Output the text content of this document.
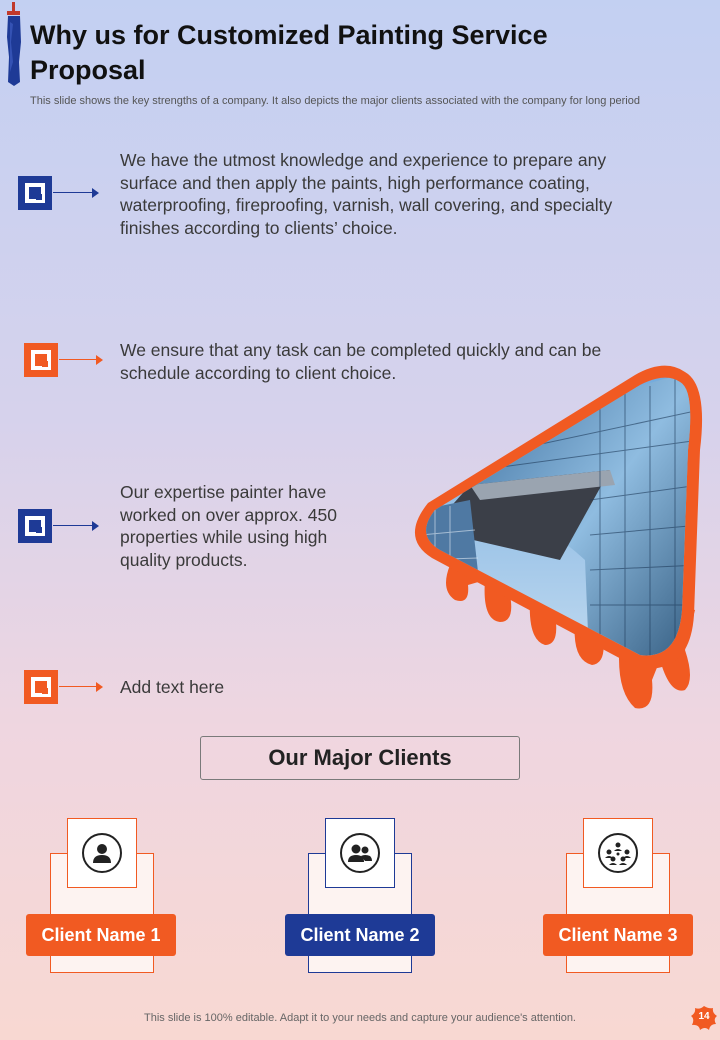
Why us for Customized Painting Service Proposal
This slide shows the key strengths of a company. It also depicts the major clients associated with the company for long period
We have the utmost knowledge and experience to prepare any surface and then apply the paints, high performance coating, waterproofing, fireproofing, varnish, wall covering, and specialty finishes according to clients’ choice.
We ensure that any task can be completed quickly and can be schedule according to client choice.
Our expertise painter have worked on over approx. 450 properties while using high quality products.
Add text here
Our Major Clients
Client Name 1	Client Name 2	Client Name 3
This slide is 100% editable. Adapt it to your needs and capture your audience's attention.	14
